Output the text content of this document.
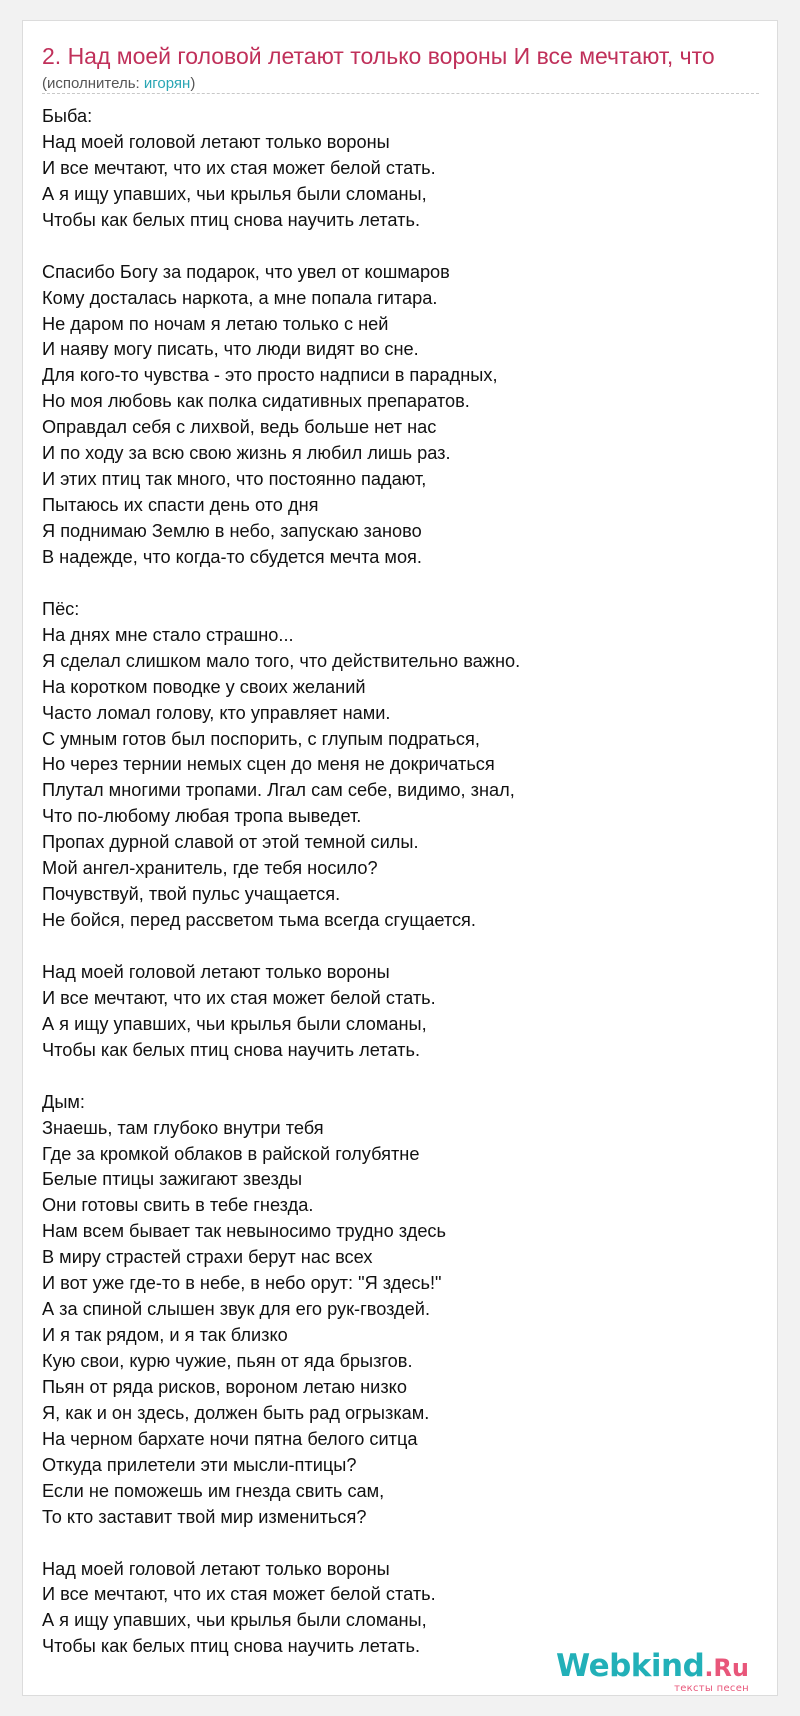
2. Над моей головой летают только вороны И все мечтают, что
(исполнитель: игорян)
Быба:
Над моей головой летают только вороны
И все мечтают, что их стая может белой стать.
А я ищу упавших, чьи крылья были сломаны,
Чтобы как белых птиц снова научить летать.
Спасибо Богу за подарок, что увел от кошмаров
Кому досталась наркота, а мне попала гитара.
Не даром по ночам я летаю только с ней
И наяву могу писать, что люди видят во сне.
Для кого-то чувства - это просто надписи в парадных,
Но моя любовь как полка сидативных препаратов.
Оправдал себя с лихвой, ведь больше нет нас
И по ходу за всю свою жизнь я любил лишь раз.
И этих птиц так много, что постоянно падают,
Пытаюсь их спасти день ото дня
Я поднимаю Землю в небо, запускаю заново
В надежде, что когда-то сбудется мечта моя.
Пёс:
На днях мне стало страшно...
Я сделал слишком мало того, что действительно важно.
На коротком поводке у своих желаний
Часто ломал голову, кто управляет нами.
С умным готов был поспорить, с глупым подраться,
Но через тернии немых сцен до меня не докричаться
Плутал многими тропами. Лгал сам себе, видимо, знал,
Что по-любому любая тропа выведет.
Пропах дурной славой от этой темной силы.
Мой ангел-хранитель, где тебя носило?
Почувствуй, твой пульс учащается.
Не бойся, перед рассветом тьма всегда сгущается.
Над моей головой летают только вороны
И все мечтают, что их стая может белой стать.
А я ищу упавших, чьи крылья были сломаны,
Чтобы как белых птиц снова научить летать.
Дым:
Знаешь, там глубоко внутри тебя
Где за кромкой облаков в райской голубятне
Белые птицы зажигают звезды
Они готовы свить в тебе гнезда.
Нам всем бывает так невыносимо трудно здесь
В миру страстей страхи берут нас всех
И вот уже где-то в небе, в небо орут: "Я здесь!"
А за спиной слышен звук для его рук-гвоздей.
И я так рядом, и я так близко
Кую свои, курю чужие, пьян от яда брызгов.
Пьян от ряда рисков, вороном летаю низко
Я, как и он здесь, должен быть рад огрызкам.
На черном бархате ночи пятна белого ситца
Откуда прилетели эти мысли-птицы?
Если не поможешь им гнезда свить сам,
То кто заставит твой мир измениться?
Над моей головой летают только вороны
И все мечтают, что их стая может белой стать.
А я ищу упавших, чьи крылья были сломаны,
Чтобы как белых птиц снова научить летать.
Webkind.Ru
тексты песен
